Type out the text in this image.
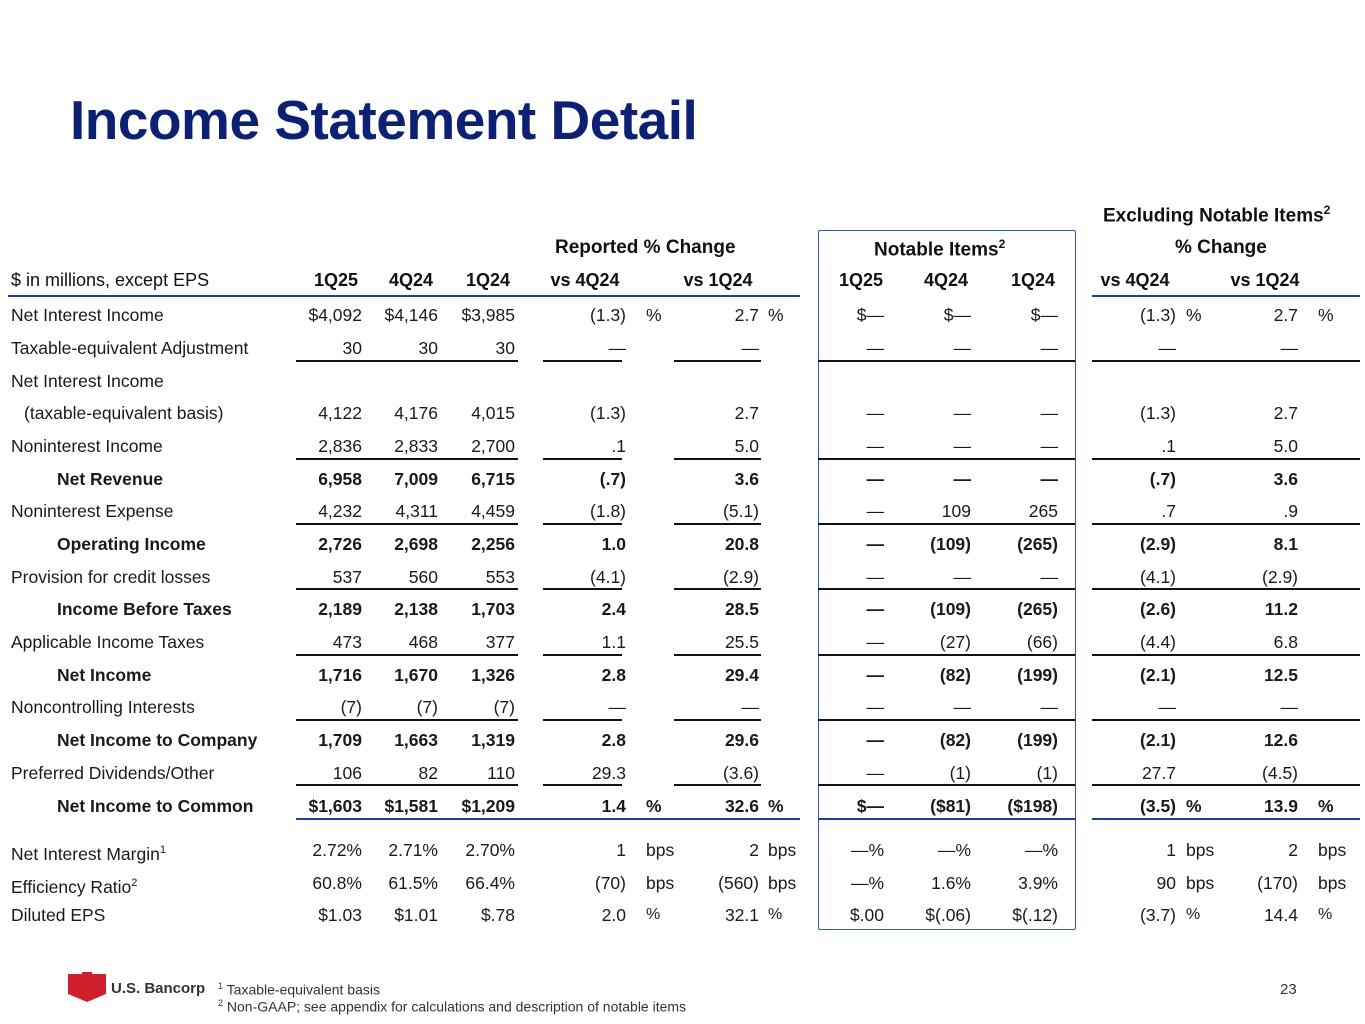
Income Statement Detail
Excluding Notable Items$^2$
Reported % Change	Notable Items$^2$	% Change
$ in millions, except EPS	1Q25	4Q24	1Q24	vs 4Q24	vs 1Q24	1Q25	4Q24	1Q24	vs 4Q24	vs 1Q24
Net Interest Income	$4,092	$4,146	$3,985	(1.3) %	2.7 %	$—	$—	$—	(1.3) %	2.7 %
Taxable-equivalent Adjustment	30	30	30	—	—	—	—	—	—	—
Net Interest Income
(taxable-equivalent basis)	4,122	4,176	4,015	(1.3)	2.7	—	—	—	(1.3)	2.7
Noninterest Income	2,836	2,833	2,700	.1	5.0	—	—	—	.1	5.0
Net Revenue	6,958	7,009	6,715	(.7)	3.6	—	—	—	(.7)	3.6
Noninterest Expense	4,232	4,311	4,459	(1.8)	(5.1)	—	109	265	.7	.9
Operating Income	2,726	2,698	2,256	1.0	20.8	—	(109)	(265)	(2.9)	8.1
Provision for credit losses	537	560	553	(4.1)	(2.9)	—	—	—	(4.1)	(2.9)
Income Before Taxes	2,189	2,138	1,703	2.4	28.5	—	(109)	(265)	(2.6)	11.2
Applicable Income Taxes	473	468	377	1.1	25.5	—	(27)	(66)	(4.4)	6.8
Net Income	1,716	1,670	1,326	2.8	29.4	—	(82)	(199)	(2.1)	12.5
Noncontrolling Interests	(7)	(7)	(7)	—	—	—	—	—	—	—
Net Income to Company	1,709	1,663	1,319	2.8	29.6	—	(82)	(199)	(2.1)	12.6
Preferred Dividends/Other	106	82	110	29.3	(3.6)	—	(1)	(1)	27.7	(4.5)
Net Income to Common	$1,603	$1,581	$1,209	1.4 %	32.6 %	$—	($81)	($198)	(3.5) %	13.9 %
Net Interest Margin$^1$	2.72%	2.71%	2.70%	1 bps	2 bps	—%	—%	—%	1 bps	2 bps
Efficiency Ratio$^2$	60.8%	61.5%	66.4%	(70) bps	(560) bps	—%	1.6%	3.9%	90 bps	(170) bps
Diluted EPS	$1.03	$1.01	$.78	2.0 %	32.1 %	$.00	$(.06)	$(.12)	(3.7) %	14.4 %
U.S. Bancorp $^1$ Taxable-equivalent basis
$^2$ Non-GAAP; see appendix for calculations and description of notable items
23
